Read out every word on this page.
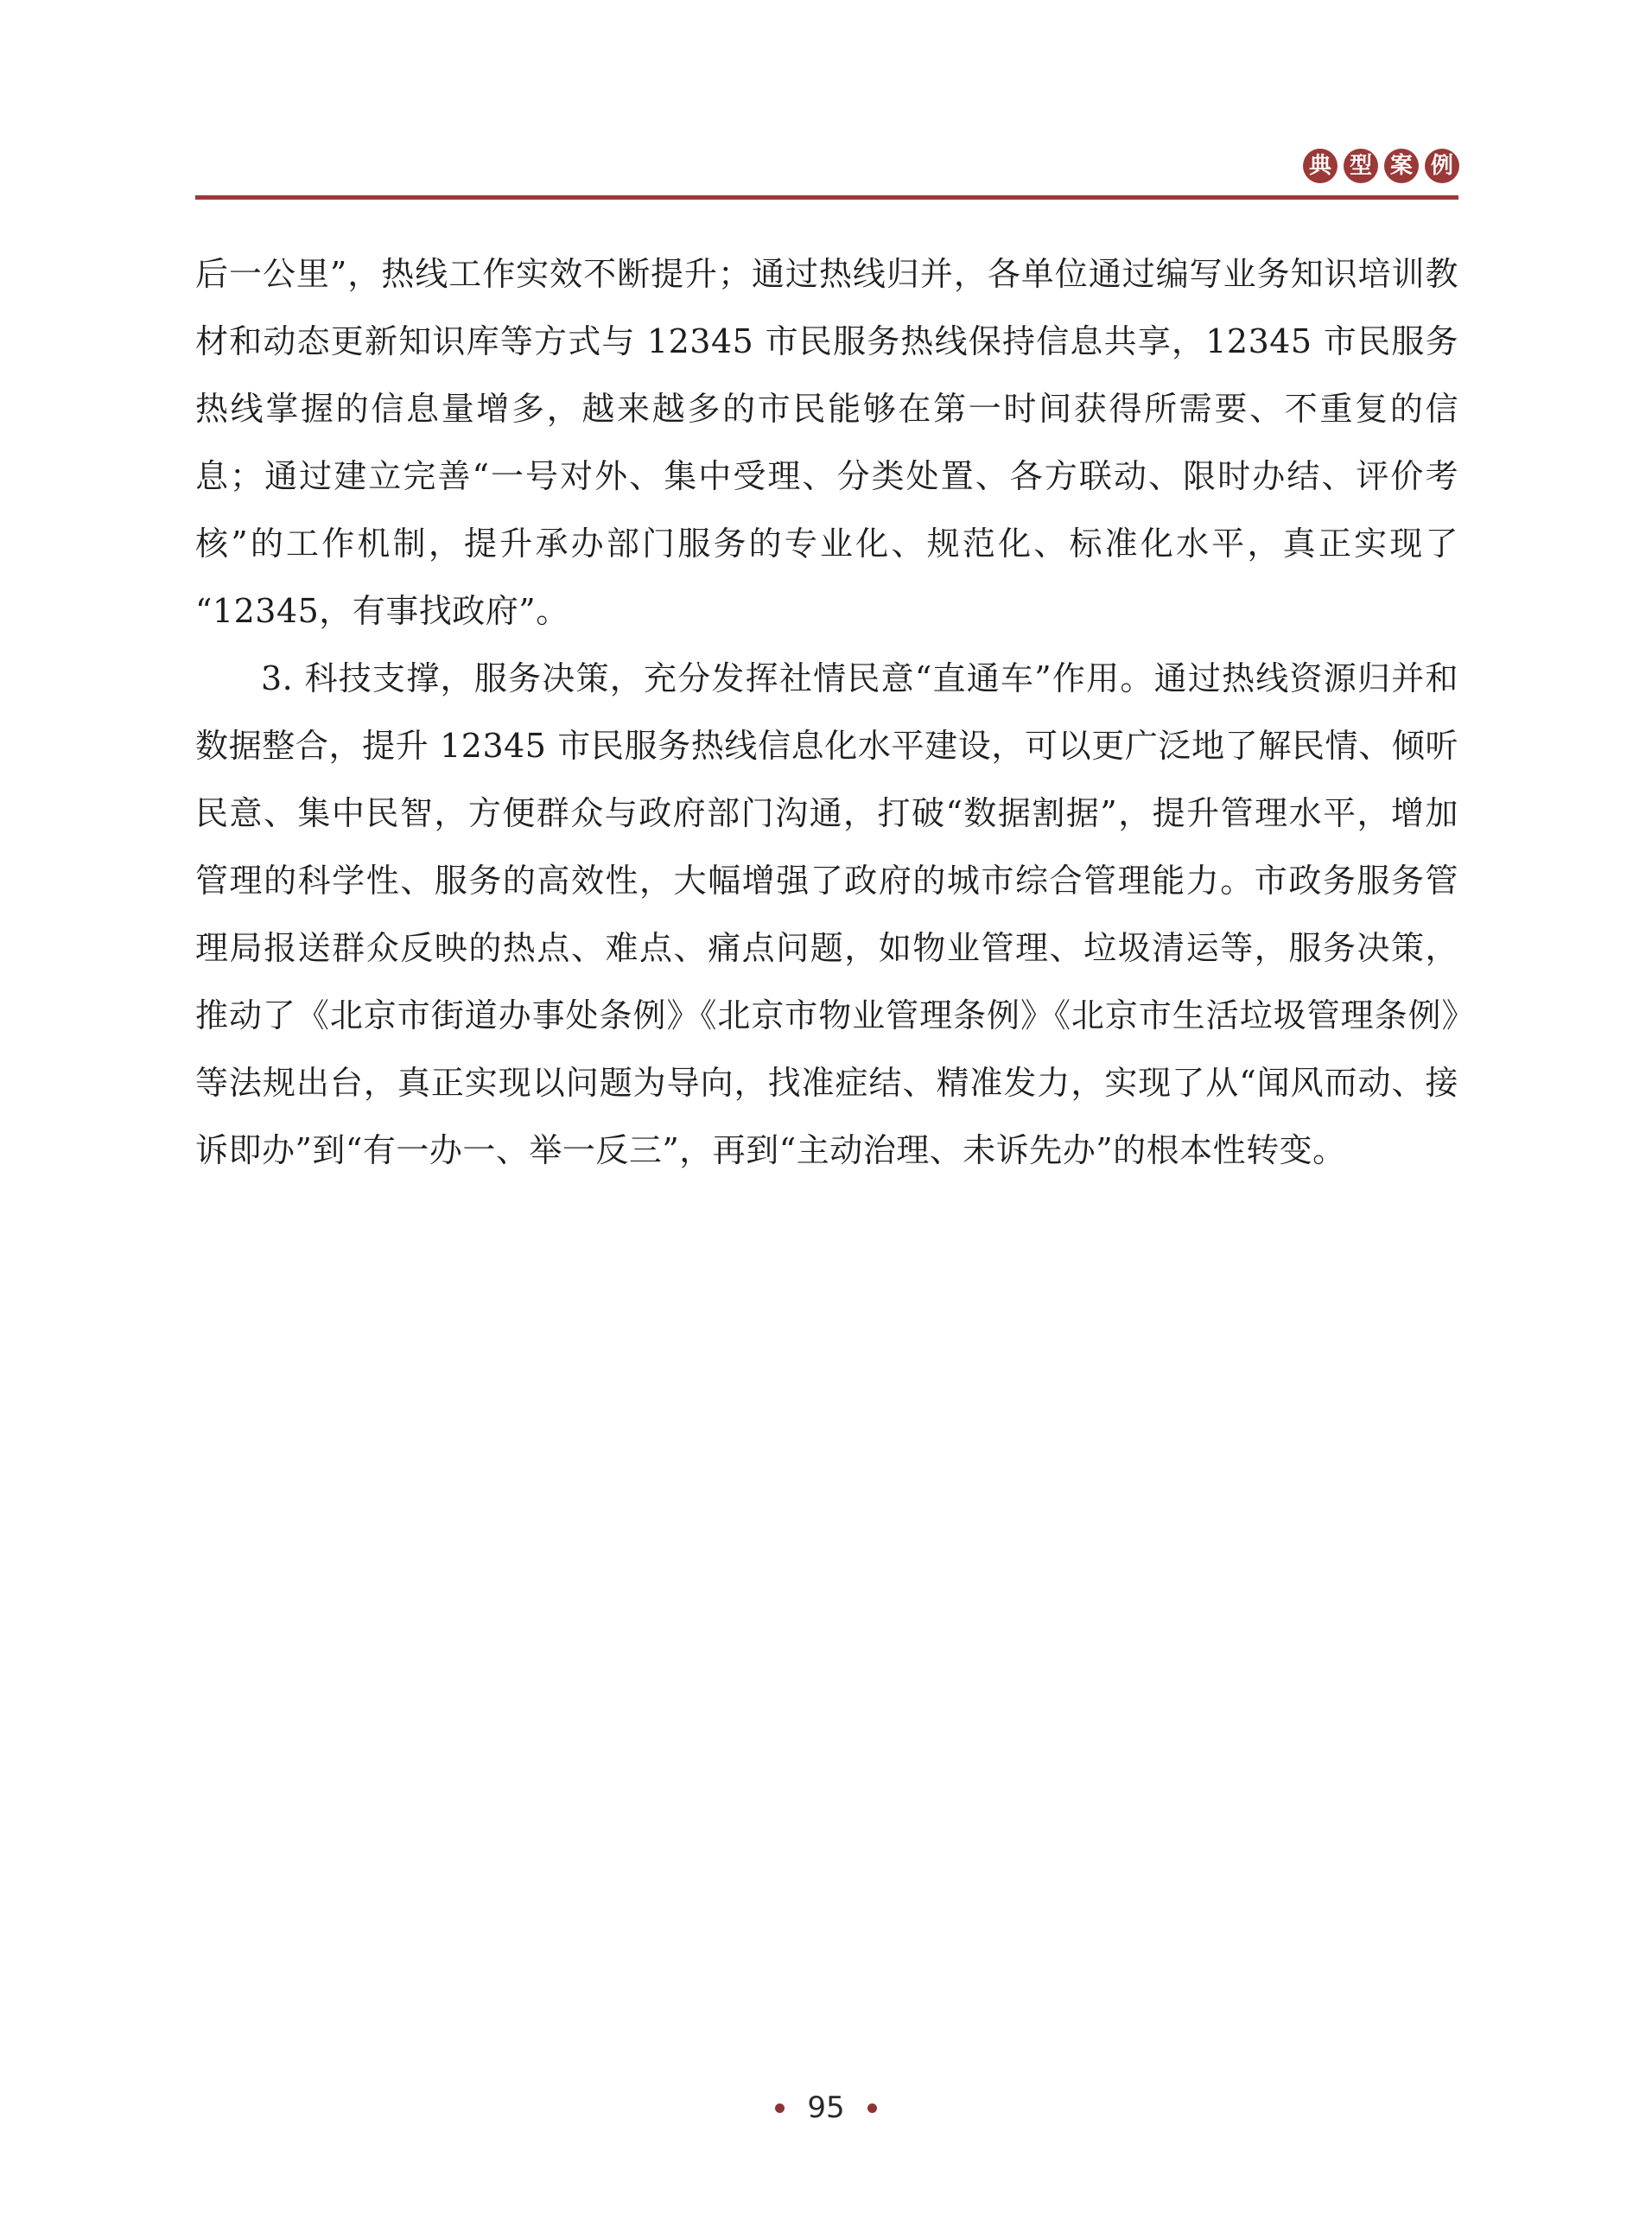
典 型 案 例

后一公里”，热线工作实效不断提升；通过热线归并，各单位通过编写业务知识培训教材和动态更新知识库等方式与 12345 市民服务热线保持信息共享，12345 市民服务热线掌握的信息量增多，越来越多的市民能够在第一时间获得所需要、不重复的信息；通过建立完善“一号对外、集中受理、分类处置、各方联动、限时办结、评价考核”的工作机制，提升承办部门服务的专业化、规范化、标准化水平，真正实现了“12345，有事找政府”。

3. 科技支撑，服务决策，充分发挥社情民意“直通车”作用。通过热线资源归并和数据整合，提升 12345 市民服务热线信息化水平建设，可以更广泛地了解民情、倾听民意、集中民智，方便群众与政府部门沟通，打破“数据割据”，提升管理水平，增加管理的科学性、服务的高效性，大幅增强了政府的城市综合管理能力。市政务服务管理局报送群众反映的热点、难点、痛点问题，如物业管理、垃圾清运等，服务决策，推动了《北京市街道办事处条例》《北京市物业管理条例》《北京市生活垃圾管理条例》等法规出台，真正实现以问题为导向，找准症结、精准发力，实现了从“闻风而动、接诉即办”到“有一办一、举一反三”，再到“主动治理、未诉先办”的根本性转变。

95
